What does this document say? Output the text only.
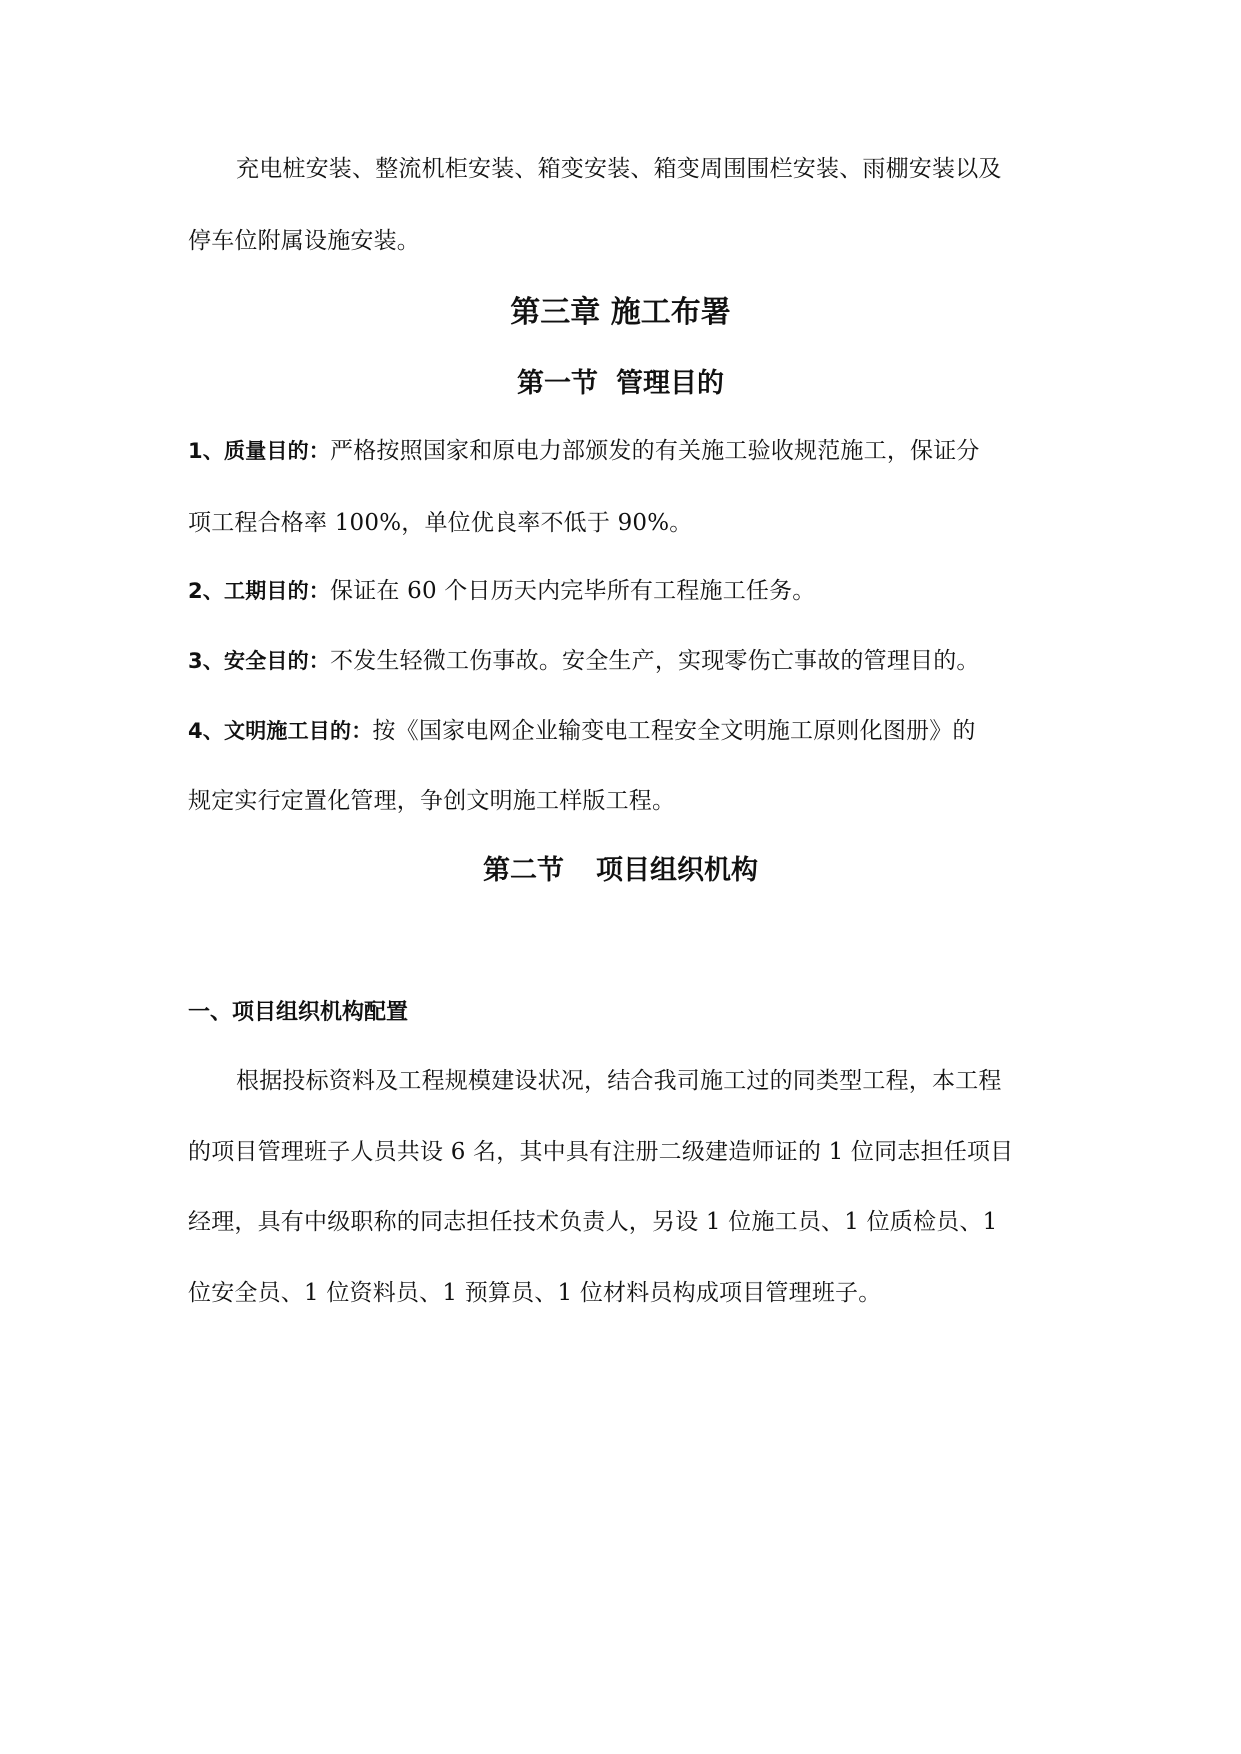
充电桩安装、整流机柜安装、箱变安装、箱变周围围栏安装、雨棚安装以及
停车位附属设施安装。
第三章 施工布署
第一节 管理目的
1、质量目的：严格按照国家和原电力部颁发的有关施工验收规范施工，保证分
项工程合格率 100%，单位优良率不低于 90%。
2、工期目的：保证在 60 个日历天内完毕所有工程施工任务。
3、安全目的：不发生轻微工伤事故。安全生产，实现零伤亡事故的管理目的。
4、文明施工目的：按《国家电网企业输变电工程安全文明施工原则化图册》的
规定实行定置化管理，争创文明施工样版工程。
第二节 项目组织机构
一、项目组织机构配置
根据投标资料及工程规模建设状况，结合我司施工过的同类型工程，本工程
的项目管理班子人员共设 6 名，其中具有注册二级建造师证的 1 位同志担任项目
经理，具有中级职称的同志担任技术负责人，另设 1 位施工员、1 位质检员、1
位安全员、1 位资料员、1 预算员、1 位材料员构成项目管理班子。
